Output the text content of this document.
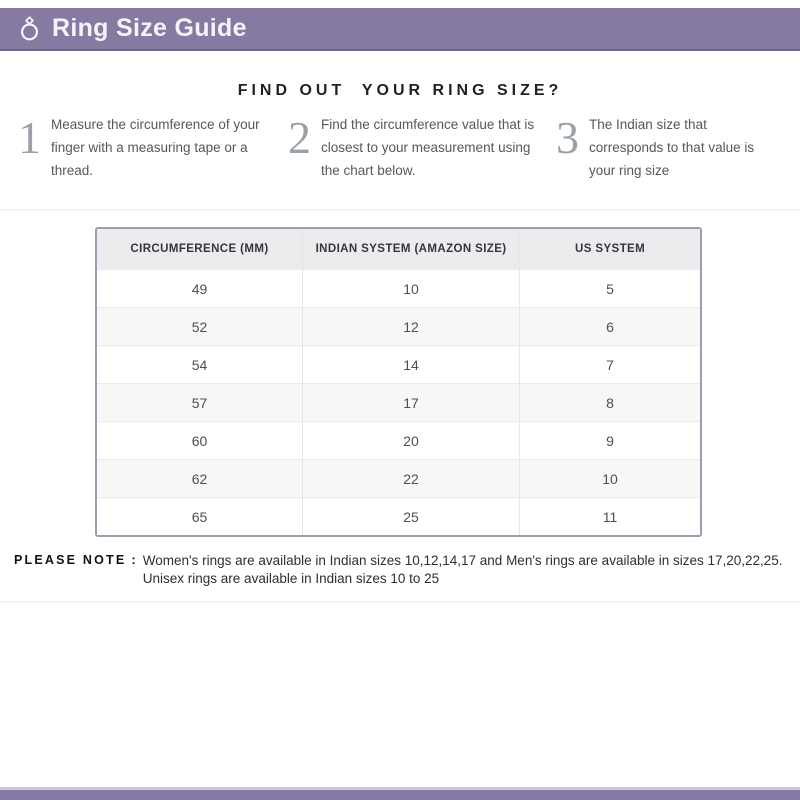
Ring Size Guide
FIND OUT  YOUR RING SIZE?
1 Measure the circumference of your finger with a measuring tape or a thread.
2 Find the circumference value that is closest to your measurement using the chart below.
3 The Indian size that corresponds to that value is your ring size
CIRCUMFERENCE (MM)	INDIAN SYSTEM (AMAZON SIZE)	US SYSTEM
49	10	5
52	12	6
54	14	7
57	17	8
60	20	9
62	22	10
65	25	11
PLEASE NOTE : Women's rings are available in Indian sizes 10,12,14,17 and Men's rings are available in sizes 17,20,22,25.
Unisex rings are available in Indian sizes 10 to 25
